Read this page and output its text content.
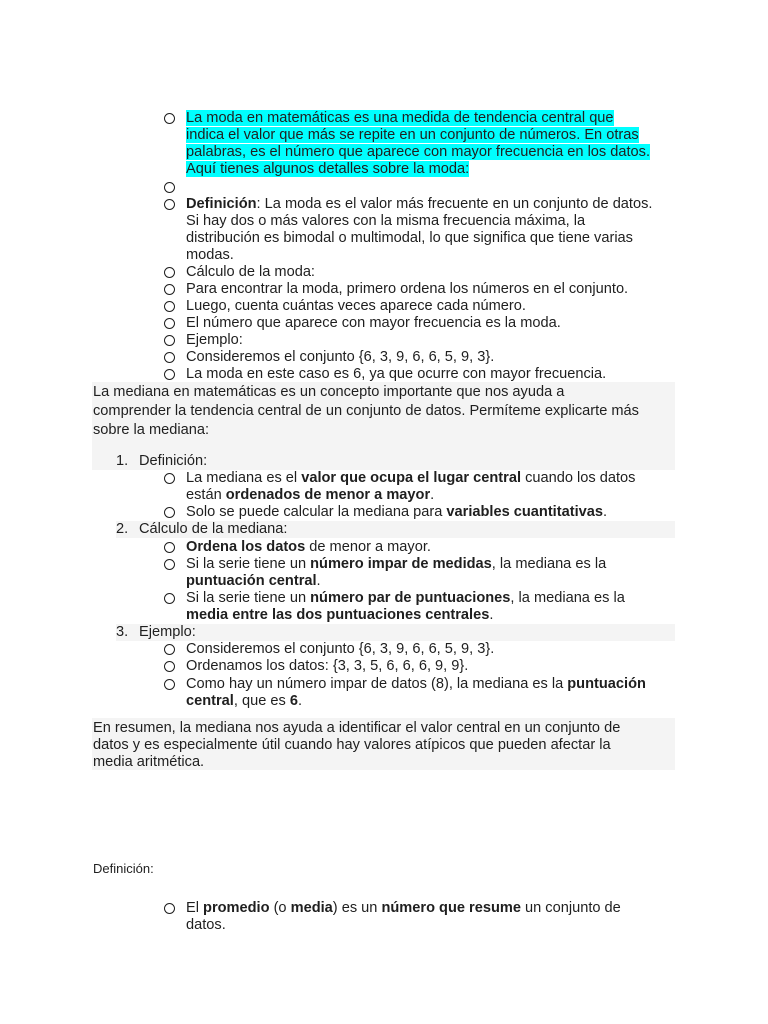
La moda en matemáticas es una medida de tendencia central que
indica el valor que más se repite en un conjunto de números. En otras
palabras, es el número que aparece con mayor frecuencia en los datos.
Aquí tienes algunos detalles sobre la moda:
Definición: La moda es el valor más frecuente en un conjunto de datos.
Si hay dos o más valores con la misma frecuencia máxima, la
distribución es bimodal o multimodal, lo que significa que tiene varias
modas.
Cálculo de la moda:
Para encontrar la moda, primero ordena los números en el conjunto.
Luego, cuenta cuántas veces aparece cada número.
El número que aparece con mayor frecuencia es la moda.
Ejemplo:
Consideremos el conjunto {6, 3, 9, 6, 6, 5, 9, 3}.
La moda en este caso es 6, ya que ocurre con mayor frecuencia.
La mediana en matemáticas es un concepto importante que nos ayuda a
comprender la tendencia central de un conjunto de datos. Permíteme explicarte más
sobre la mediana:
1. Definición:
La mediana es el valor que ocupa el lugar central cuando los datos
están ordenados de menor a mayor.
Solo se puede calcular la mediana para variables cuantitativas.
2. Cálculo de la mediana:
Ordena los datos de menor a mayor.
Si la serie tiene un número impar de medidas, la mediana es la
puntuación central.
Si la serie tiene un número par de puntuaciones, la mediana es la
media entre las dos puntuaciones centrales.
3. Ejemplo:
Consideremos el conjunto {6, 3, 9, 6, 6, 5, 9, 3}.
Ordenamos los datos: {3, 3, 5, 6, 6, 6, 9, 9}.
Como hay un número impar de datos (8), la mediana es la puntuación
central, que es 6.
En resumen, la mediana nos ayuda a identificar el valor central en un conjunto de
datos y es especialmente útil cuando hay valores atípicos que pueden afectar la
media aritmética.
Definición:
El promedio (o media) es un número que resume un conjunto de
datos.
